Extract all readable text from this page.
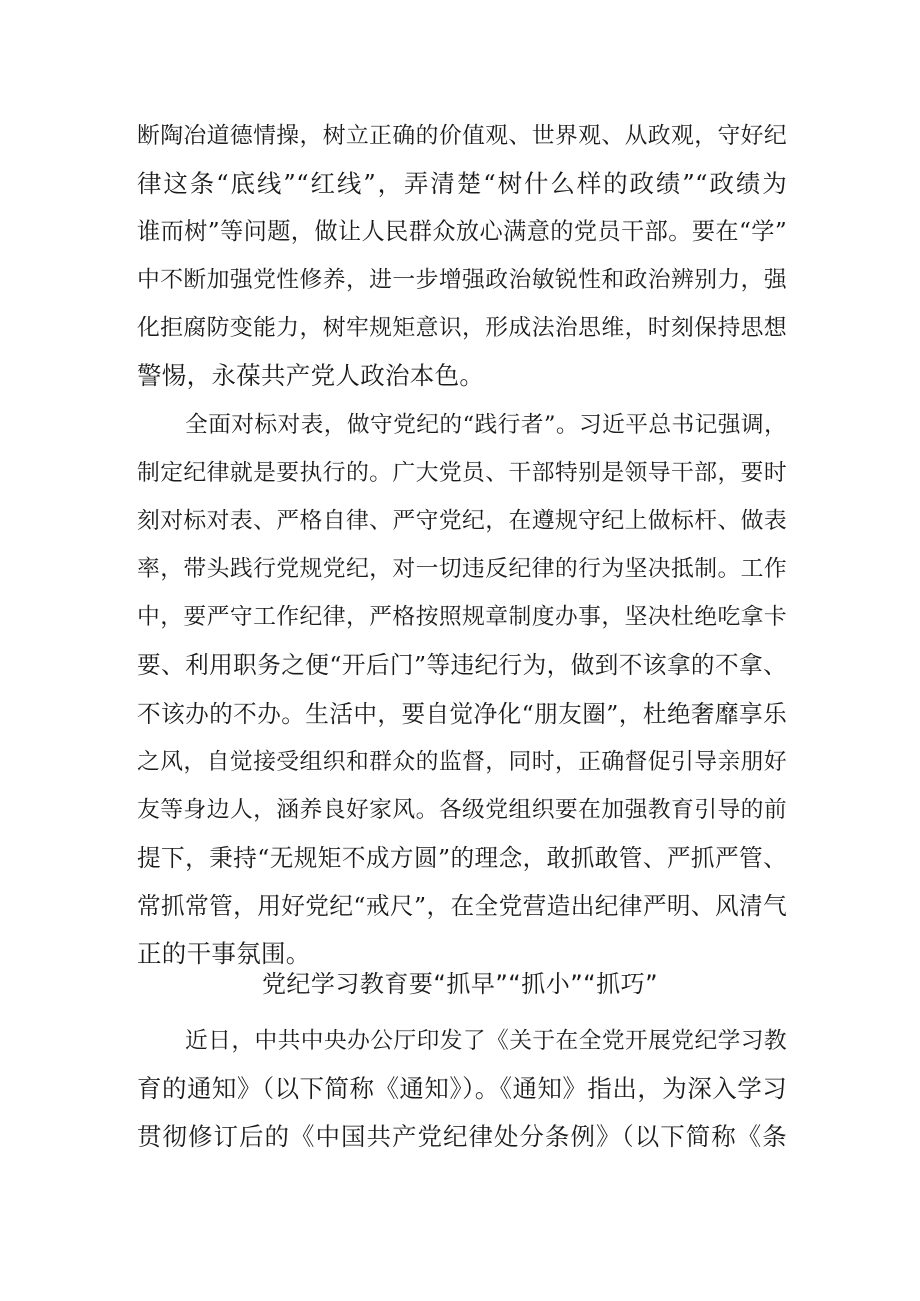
断陶冶道德情操，树立正确的价值观、世界观、从政观，守好纪
律这条“底线”“红线”，弄清楚“树什么样的政绩”“政绩为
谁而树”等问题，做让人民群众放心满意的党员干部。要在“学”
中不断加强党性修养，进一步增强政治敏锐性和政治辨别力，强
化拒腐防变能力，树牢规矩意识，形成法治思维，时刻保持思想
警惕，永葆共产党人政治本色。
全面对标对表，做守党纪的“践行者”。习近平总书记强调，
制定纪律就是要执行的。广大党员、干部特别是领导干部，要时
刻对标对表、严格自律、严守党纪，在遵规守纪上做标杆、做表
率，带头践行党规党纪，对一切违反纪律的行为坚决抵制。工作
中，要严守工作纪律，严格按照规章制度办事，坚决杜绝吃拿卡
要、利用职务之便“开后门”等违纪行为，做到不该拿的不拿、
不该办的不办。生活中，要自觉净化“朋友圈”，杜绝奢靡享乐
之风，自觉接受组织和群众的监督，同时，正确督促引导亲朋好
友等身边人，涵养良好家风。各级党组织要在加强教育引导的前
提下，秉持“无规矩不成方圆”的理念，敢抓敢管、严抓严管、
常抓常管，用好党纪“戒尺”，在全党营造出纪律严明、风清气
正的干事氛围。
党纪学习教育要“抓早”“抓小”“抓巧”
近日，中共中央办公厅印发了《关于在全党开展党纪学习教
育的通知》（以下简称《通知》）。《通知》指出，为深入学习
贯彻修订后的《中国共产党纪律处分条例》（以下简称《条
